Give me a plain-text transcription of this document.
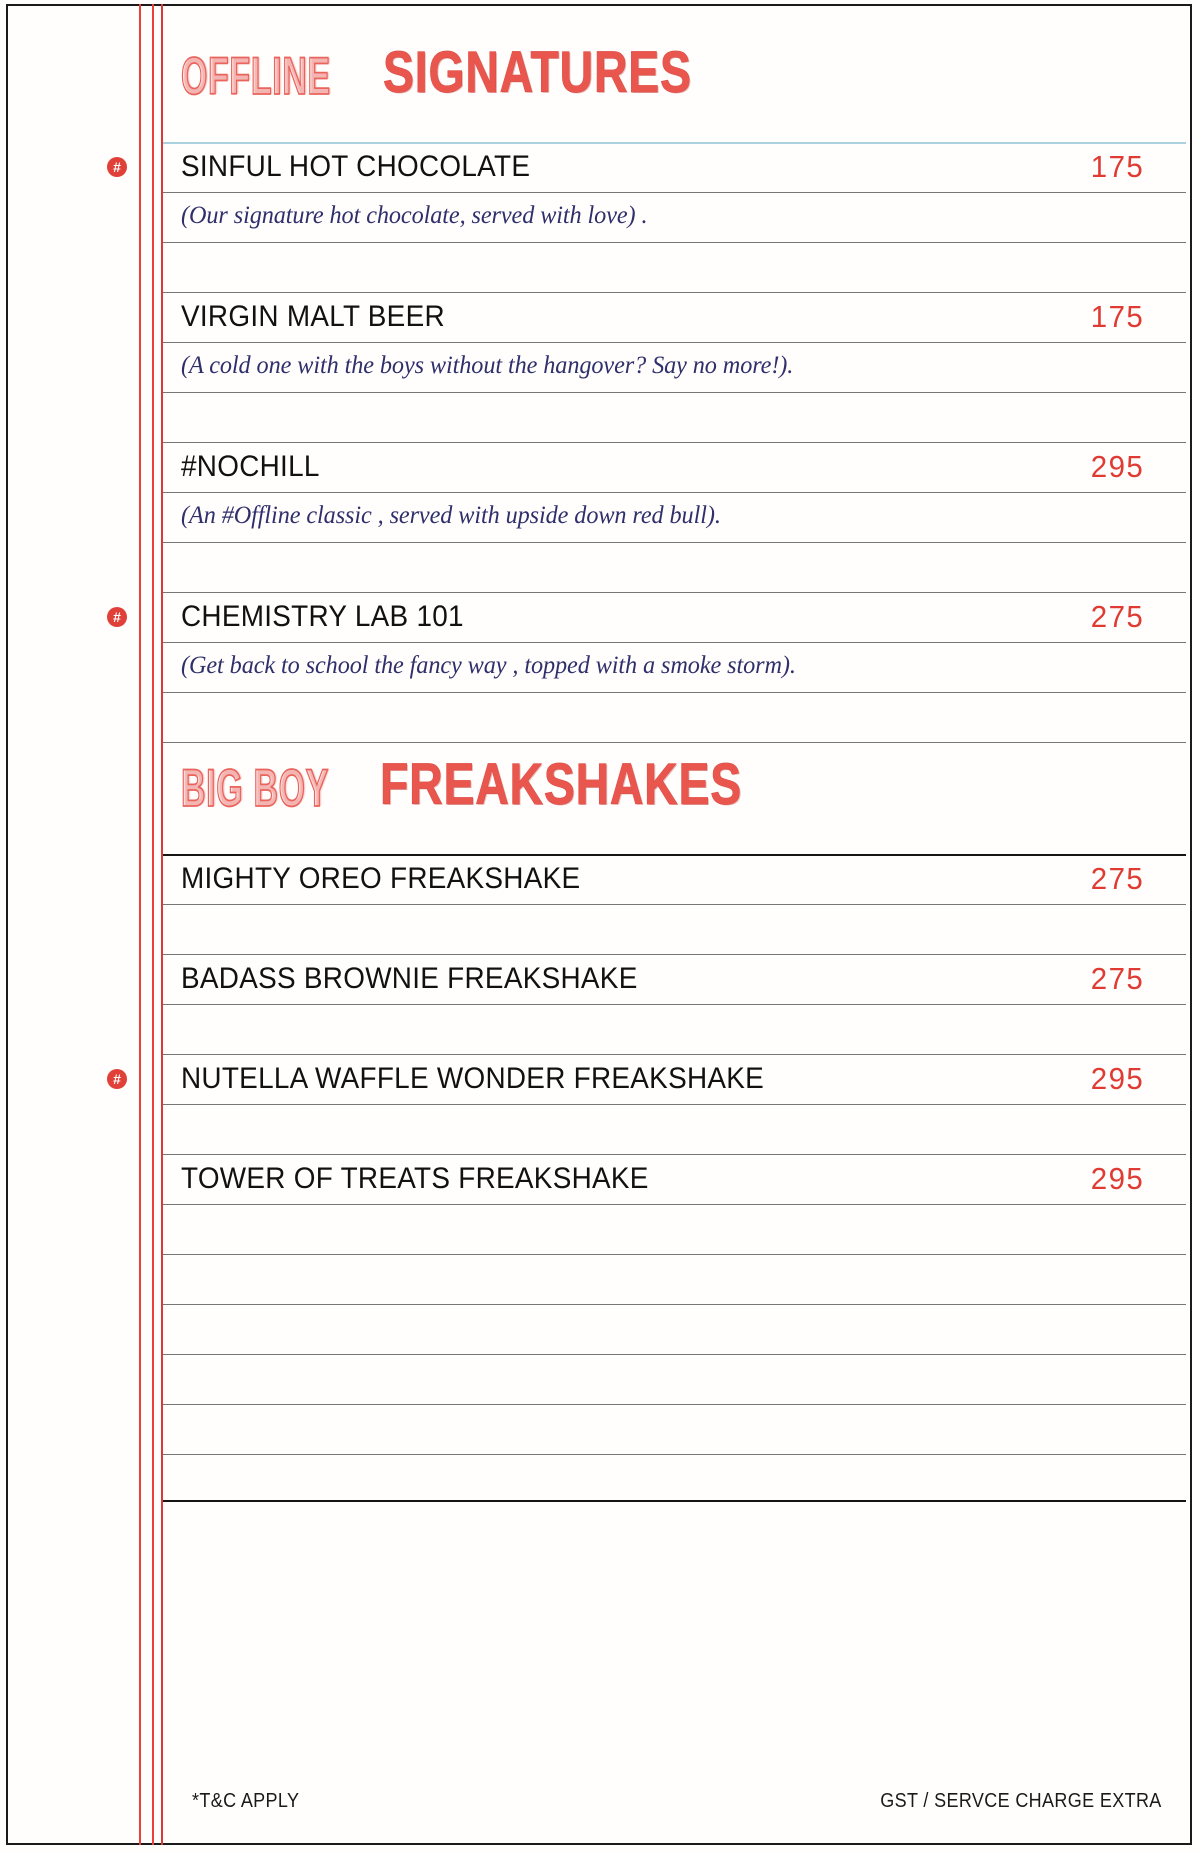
OFFLINE SIGNATURES
SINFUL HOT CHOCOLATE	175
(Our signature hot chocolate, served with love) .
VIRGIN MALT BEER	175
(A cold one with the boys without the hangover? Say no more!).
#NOCHILL	295
(An #Offline classic , served with upside down red bull).
CHEMISTRY LAB 101	275
(Get back to school the fancy way , topped with a smoke storm).
BIG BOY FREAKSHAKES
MIGHTY OREO FREAKSHAKE	275
BADASS BROWNIE FREAKSHAKE	275
NUTELLA WAFFLE WONDER FREAKSHAKE	295
TOWER OF TREATS FREAKSHAKE	295
*T&C APPLY	GST / SERVCE CHARGE EXTRA
#
#
#
